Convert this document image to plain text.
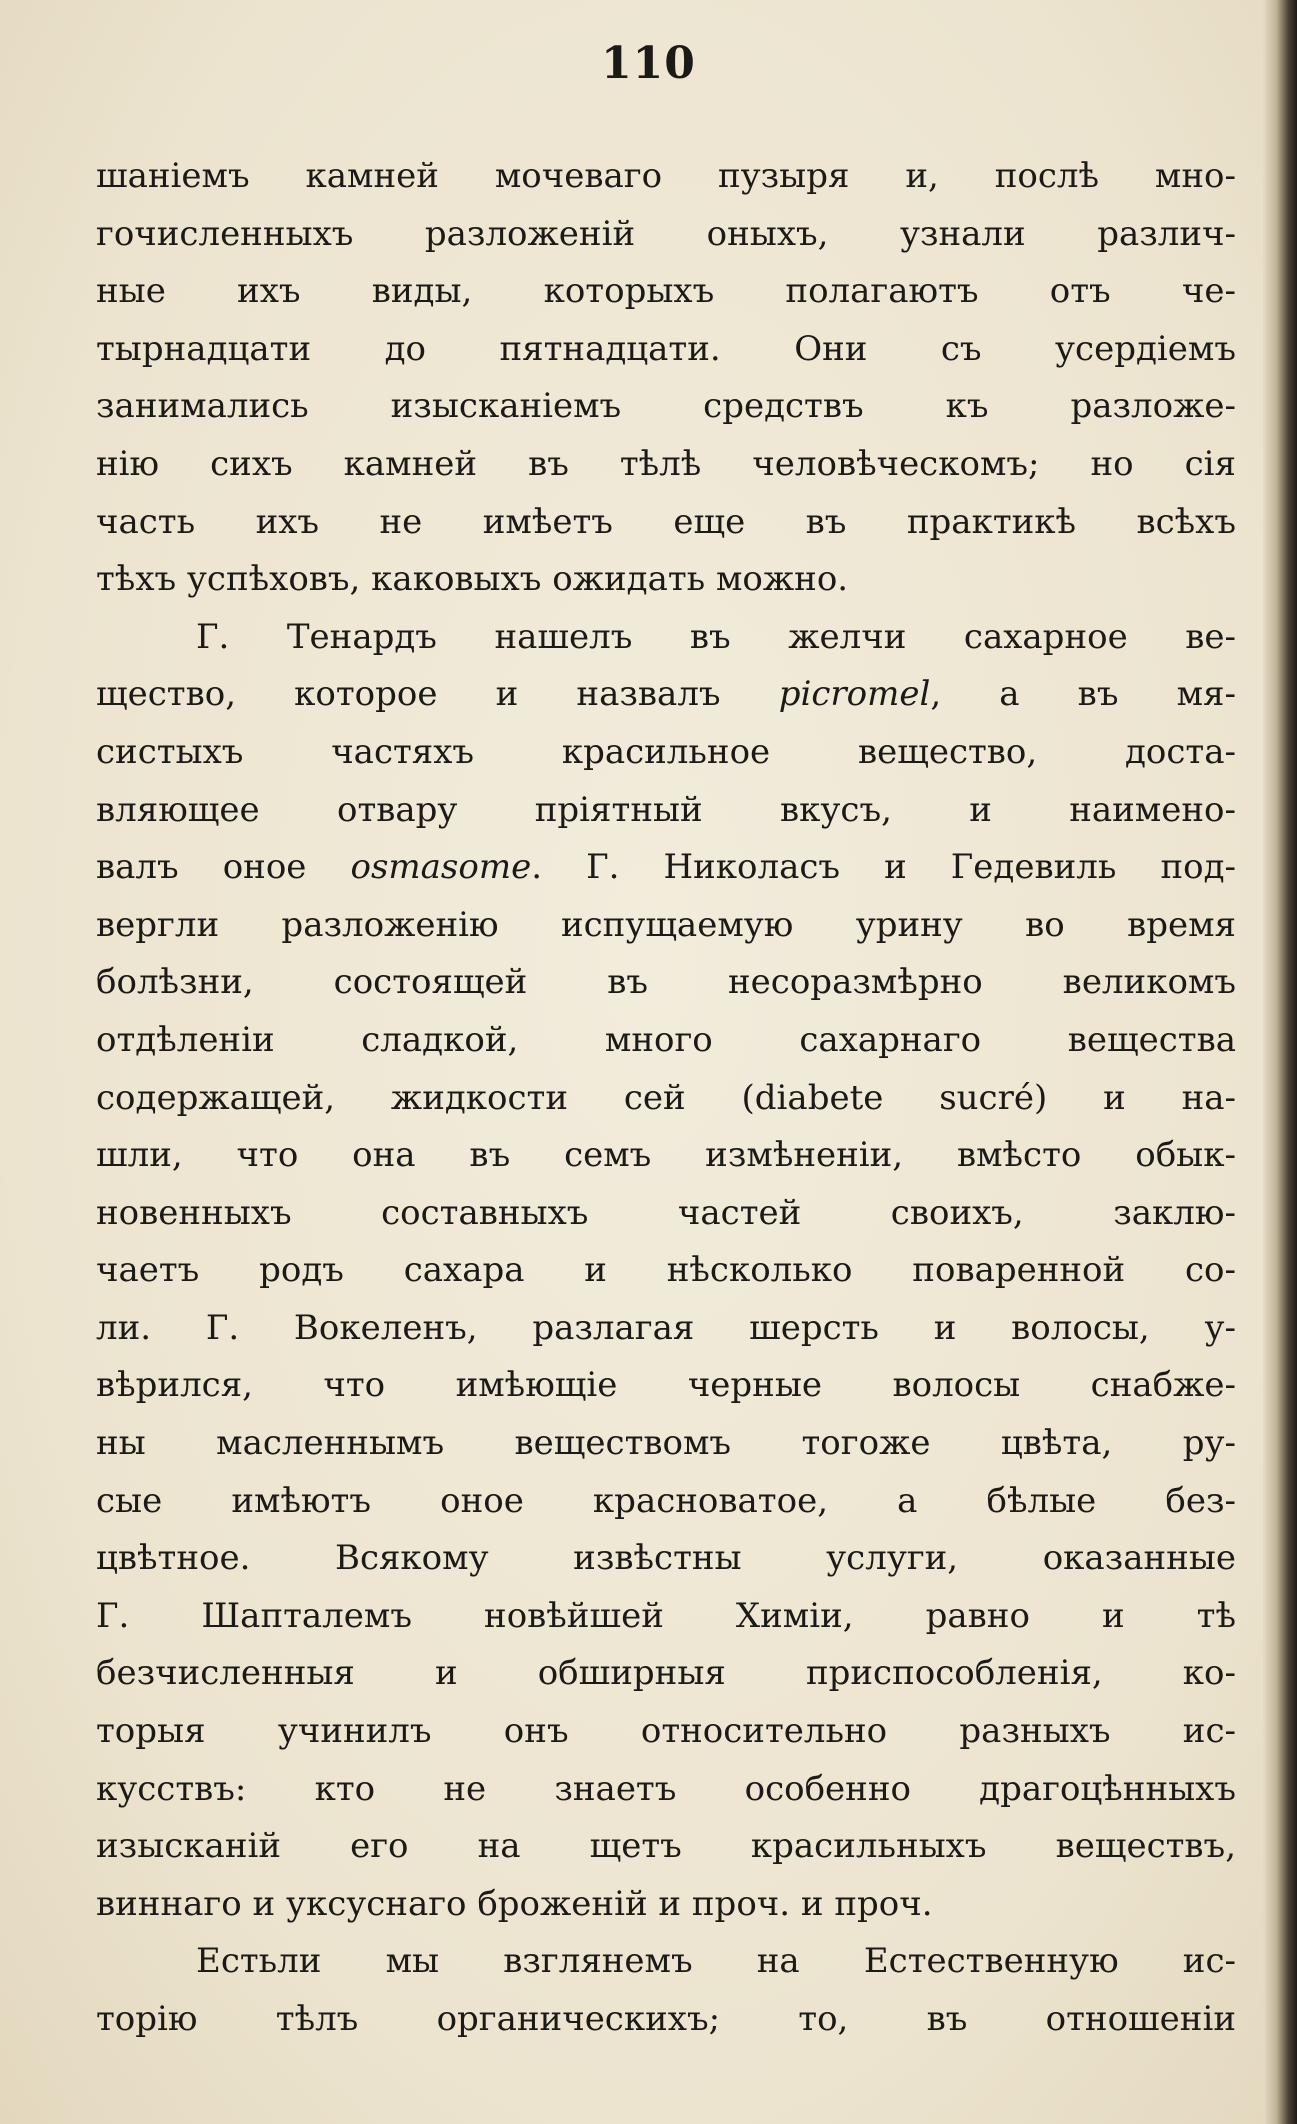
110
шаніемъ камней мочеваго пузыря и, послѣ мно-
гочисленныхъ разложеній оныхъ, узнали различ-
ные ихъ виды, которыхъ полагаютъ отъ че-
тырнадцати до пятнадцати. Они съ усердіемъ
занимались изысканіемъ средствъ къ разложе-
нію сихъ камней въ тѣлѣ человѣческомъ; но сія
часть ихъ не имѣетъ еще въ практикѣ всѣхъ
тѣхъ успѣховъ, каковыхъ ожидать можно.
Г. Тенардъ нашелъ въ желчи сахарное ве-
щество, которое и назвалъ picromel, а въ мя-
систыхъ частяхъ красильное вещество, доста-
вляющее отвару пріятный вкусъ, и наимено-
валъ оное osmasome. Г. Николасъ и Гедевиль под-
вергли разложенію испущаемую урину во время
болѣзни, состоящей въ несоразмѣрно великомъ
отдѣленіи сладкой, много сахарнаго вещества
содержащей, жидкости сей (diabete sucré) и на-
шли, что она въ семъ измѣненіи, вмѣсто обык-
новенныхъ составныхъ частей своихъ, заклю-
чаетъ родъ сахара и нѣсколько поваренной со-
ли. Г. Вокеленъ, разлагая шерсть и волосы, у-
вѣрился, что имѣющіе черные волосы снабже-
ны масленнымъ веществомъ тогоже цвѣта, ру-
сые имѣютъ оное красноватое, а бѣлые без-
цвѣтное. Всякому извѣстны услуги, оказанные
Г. Шапталемъ новѣйшей Химіи, равно и тѣ
безчисленныя и обширныя приспособленія, ко-
торыя учинилъ онъ относительно разныхъ ис-
кусствъ: кто не знаетъ особенно драгоцѣнныхъ
изысканій его на щетъ красильныхъ веществъ,
виннаго и уксуснаго броженій и проч. и проч.
Естьли мы взглянемъ на Естественную ис-
торію тѣлъ органическихъ; то, въ отношеніи
